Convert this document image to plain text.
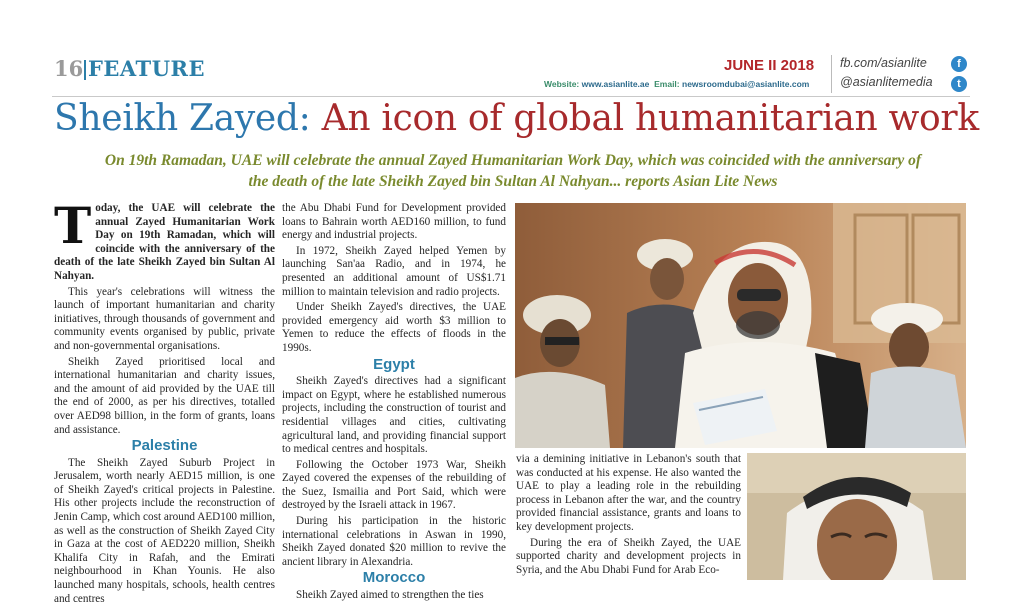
16 FEATURE	JUNE II 2018
Website: www.asianlite.ae Email: newsroomdubai@asianlite.com
fb.com/asianlite
@asianlitemedia
f
t
Sheikh Zayed: An icon of global humanitarian work
On 19th Ramadan, UAE will celebrate the annual Zayed Humanitarian Work Day, which was coincided with the anniversary of
the death of the late Sheikh Zayed bin Sultan Al Nahyan... reports Asian Lite News

Today, the UAE will celebrate the annual Zayed Humanitarian Work Day on 19th Ramadan, which will coincide with the anniversary of the death of the late Sheikh Zayed bin Sultan Al Nahyan.

This year's celebrations will witness the launch of important humanitarian and charity initiatives, through thousands of government and community events organised by public, private and non-governmental organisations.

Sheikh Zayed prioritised local and international humanitarian and charity issues, and the amount of aid provided by the UAE till the end of 2000, as per his directives, totalled over AED98 billion, in the form of grants, loans and assistance.

Palestine

The Sheikh Zayed Suburb Project in Jerusalem, worth nearly AED15 million, is one of Sheikh Zayed's critical projects in Palestine. His other projects include the reconstruction of Jenin Camp, which cost around AED100 million, as well as the construction of Sheikh Zayed City in Gaza at the cost of AED220 million, Sheikh Khalifa City in Rafah, and the Emirati neighbourhood in Khan Younis. He also launched many hospitals, schools, health centres and centres

the Abu Dhabi Fund for Development provided loans to Bahrain worth AED160 million, to fund energy and industrial projects.

In 1972, Sheikh Zayed helped Yemen by launching San'aa Radio, and in 1974, he presented an additional amount of US$1.71 million to maintain television and radio projects.

Under Sheikh Zayed's directives, the UAE provided emergency aid worth $3 million to Yemen to reduce the effects of floods in the 1990s.

Egypt

Sheikh Zayed's directives had a significant impact on Egypt, where he established numerous projects, including the construction of tourist and residential villages and cities, cultivating agricultural land, and providing financial support to medical centres and hospitals.

Following the October 1973 War, Sheikh Zayed covered the expenses of the rebuilding of the Suez, Ismailia and Port Said, which were destroyed by the Israeli attack in 1967.

During his participation in the historic international celebrations in Aswan in 1990, Sheikh Zayed donated $20 million to revive the ancient library in Alexandria.

Morocco

Sheikh Zayed aimed to strengthen the ties

via a demining initiative in Lebanon's south that was conducted at his expense. He also wanted the UAE to play a leading role in the rebuilding process in Lebanon after the war, and the country provided financial assistance, grants and loans to key development projects.

During the era of Sheikh Zayed, the UAE supported charity and development projects in Syria, and the Abu Dhabi Fund for Arab Eco-
